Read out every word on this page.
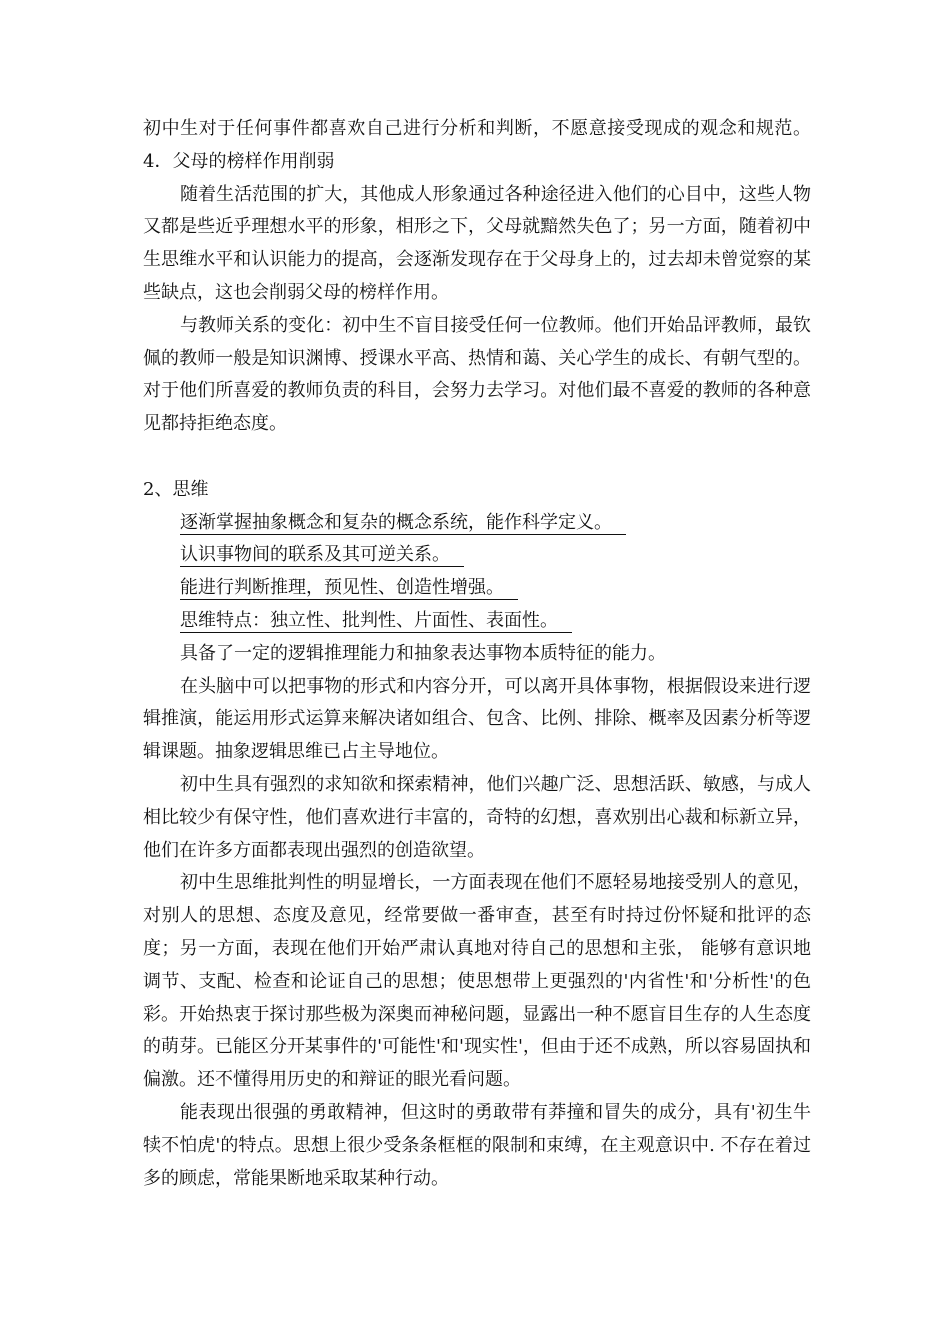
初中生对于任何事件都喜欢自己进行分析和判断，不愿意接受现成的观念和规范。4．父母的榜样作用削弱

随着生活范围的扩大，其他成人形象通过各种途径进入他们的心目中，这些人物又都是些近乎理想水平的形象，相形之下，父母就黯然失色了；另一方面，随着初中生思维水平和认识能力的提高，会逐渐发现存在于父母身上的，过去却未曾觉察的某些缺点，这也会削弱父母的榜样作用。

与教师关系的变化：初中生不盲目接受任何一位教师。他们开始品评教师，最钦佩的教师一般是知识渊博、授课水平高、热情和蔼、关心学生的成长、有朝气型的。对于他们所喜爱的教师负责的科目，会努力去学习。对他们最不喜爱的教师的各种意见都持拒绝态度。

2、思维
逐渐掌握抽象概念和复杂的概念系统，能作科学定义。
认识事物间的联系及其可逆关系。
能进行判断推理，预见性、创造性增强。
思维特点：独立性、批判性、片面性、表面性。

具备了一定的逻辑推理能力和抽象表达事物本质特征的能力。

在头脑中可以把事物的形式和内容分开，可以离开具体事物，根据假设来进行逻辑推演，能运用形式运算来解决诸如组合、包含、比例、排除、概率及因素分析等逻辑课题。抽象逻辑思维已占主导地位。

初中生具有强烈的求知欲和探索精神，他们兴趣广泛、思想活跃、敏感，与成人相比较少有保守性，他们喜欢进行丰富的，奇特的幻想，喜欢别出心裁和标新立异，他们在许多方面都表现出强烈的创造欲望。

初中生思维批判性的明显增长，一方面表现在他们不愿轻易地接受别人的意见，对别人的思想、态度及意见，经常要做一番审查，甚至有时持过份怀疑和批评的态度；另一方面，表现在他们开始严肃认真地对待自己的思想和主张， 能够有意识地调节、支配、检查和论证自己的思想；使思想带上更强烈的'内省性'和'分析性'的色彩。开始热衷于探讨那些极为深奥而神秘问题，显露出一种不愿盲目生存的人生态度的萌芽。已能区分开某事件的'可能性'和'现实性'，但由于还不成熟，所以容易固执和偏激。还不懂得用历史的和辩证的眼光看问题。

能表现出很强的勇敢精神，但这时的勇敢带有莽撞和冒失的成分，具有'初生牛犊不怕虎'的特点。思想上很少受条条框框的限制和束缚，在主观意识中. 不存在着过多的顾虑，常能果断地采取某种行动。
